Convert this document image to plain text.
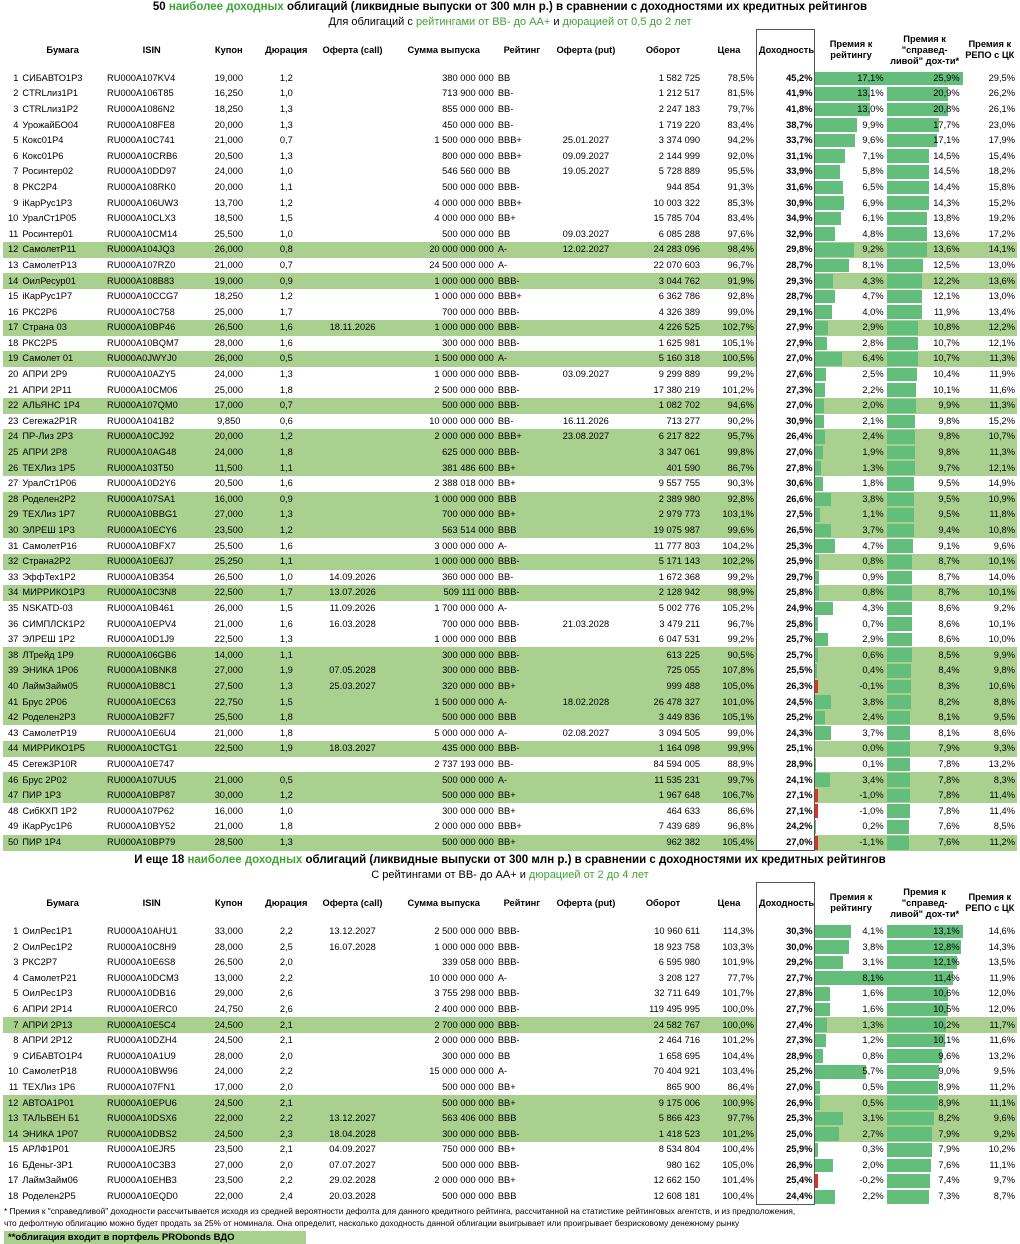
50 наиболее доходных облигаций (ликвидные выпуски от 300 млн р.) в сравнении с доходностями их кредитных рейтингов
Для облигаций с рейтингами от BB- до AA+ и дюрацией от 0,5 до 2 лет
	Бумага	ISIN	Купон	Дюрация	Оферта (call)	Сумма выпуска	Рейтинг	Оферта (put)	Оборот	Цена	Доходность	Премия к рейтингу	Премия к "справед-ливой" дох-ти*	Премия к РЕПО с ЦК
1	СИБАВТО1Р3	RU000A107KV4	19,000	1,2		380 000 000	BB		1 582 725	78,5%	45,2%	17,1%	25,9%	29,5%
2	CTRLлиз1Р1	RU000A106T85	16,250	1,0		713 900 000	BB-		1 212 517	81,5%	41,9%	13,1%	20,9%	26,2%
3	CTRLлиз1Р2	RU000A1086N2	18,250	1,3		855 000 000	BB-		2 247 183	79,7%	41,8%	13,0%	20,8%	26,1%
4	УрожайБО04	RU000A108FE8	20,000	1,3		450 000 000	BB-		1 719 220	83,4%	38,7%	9,9%	17,7%	23,0%
5	Кокс01Р4	RU000A10C741	21,000	0,7		1 500 000 000	BBB+	25.01.2027	3 374 090	94,2%	33,7%	9,6%	17,1%	17,9%
6	Кокс01Р6	RU000A10CRB6	20,500	1,3		800 000 000	BBB+	09.09.2027	2 144 999	92,0%	31,1%	7,1%	14,5%	15,4%
7	Росинтер02	RU000A10DD97	24,000	1,0		546 560 000	BB	19.05.2027	5 728 889	95,5%	33,9%	5,8%	14,5%	18,2%
8	РКС2Р4	RU000A108RK0	20,000	1,1		500 000 000	BBB-		944 854	91,3%	31,6%	6,5%	14,4%	15,8%
9	iКарРус1Р3	RU000A106UW3	13,700	1,2		4 000 000 000	BBB+		10 003 322	85,3%	30,9%	6,9%	14,3%	15,2%
10	УралСт1Р05	RU000A10CLX3	18,500	1,5		4 000 000 000	BB+		15 785 704	83,4%	34,9%	6,1%	13,8%	19,2%
11	Росинтер01	RU000A10CM14	25,500	1,0		500 000 000	BB	09.03.2027	6 085 288	97,6%	32,9%	4,8%	13,6%	17,2%
12	СамолетР11	RU000A104JQ3	26,000	0,8		20 000 000 000	A-	12.02.2027	24 283 096	98,4%	29,8%	9,2%	13,6%	14,1%
13	СамолетР13	RU000A107RZ0	21,000	0,7		24 500 000 000	A-		22 070 603	96,7%	28,7%	8,1%	12,5%	13,0%
14	ОилРесур01	RU000A108B83	19,000	0,9		1 000 000 000	BBB-		3 044 762	91,9%	29,3%	4,3%	12,2%	13,6%
15	iКарРус1Р7	RU000A10CCG7	18,250	1,2		1 000 000 000	BBB+		6 362 786	92,8%	28,7%	4,7%	12,1%	13,0%
16	РКС2Р6	RU000A10C758	25,000	1,7		700 000 000	BBB-		4 326 389	99,0%	29,1%	4,0%	11,9%	13,4%
17	Страна 03	RU000A10BP46	26,500	1,6	18.11.2026	1 000 000 000	BBB-		4 226 525	102,7%	27,9%	2,9%	10,8%	12,2%
18	РКС2Р5	RU000A10BQM7	28,000	1,6		300 000 000	BBB-		1 625 981	105,1%	27,9%	2,8%	10,7%	12,1%
19	Самолет 01	RU000A0JWYJ0	26,000	0,5		1 500 000 000	A-		5 160 318	100,5%	27,0%	6,4%	10,7%	11,3%
20	АПРИ 2Р9	RU000A10AZY5	24,000	1,3		1 000 000 000	BBB-	03.09.2027	9 299 889	99,2%	27,6%	2,5%	10,4%	11,9%
21	АПРИ 2Р11	RU000A10CM06	25,000	1,8		2 500 000 000	BBB-		17 380 219	101,2%	27,3%	2,2%	10,1%	11,6%
22	АЛЬЯНС 1Р4	RU000A107QM0	17,000	0,7		500 000 000	BBB-		1 082 702	94,6%	27,0%	2,0%	9,9%	11,3%
23	Сегежа2Р1R	RU000A1041B2	9,850	0,6		10 000 000 000	BB-	16.11.2026	713 277	90,2%	30,9%	2,1%	9,8%	15,2%
24	ПР-Лиз 2Р3	RU000A10CJ92	20,000	1,2		2 000 000 000	BBB+	23.08.2027	6 217 822	95,7%	26,4%	2,4%	9,8%	10,7%
25	АПРИ 2Р8	RU000A10AG48	24,000	1,8		625 000 000	BBB-		3 347 061	99,8%	27,0%	1,9%	9,8%	11,3%
26	ТЕХЛиз 1Р5	RU000A103T50	11,500	1,1		381 486 600	BB+		401 590	86,7%	27,8%	1,3%	9,7%	12,1%
27	УралСт1Р06	RU000A10D2Y6	20,500	1,6		2 388 018 000	BB+		9 557 755	90,3%	30,6%	1,8%	9,5%	14,9%
28	Роделен2Р2	RU000A107SA1	16,000	0,9		1 000 000 000	BBB		2 389 980	92,8%	26,6%	3,8%	9,5%	10,9%
29	ТЕХЛиз 1Р7	RU000A10BBG1	27,000	1,3		700 000 000	BB+		2 979 773	103,1%	27,5%	1,1%	9,5%	11,8%
30	ЭЛРЕШ 1Р3	RU000A10ECY6	23,500	1,2		563 514 000	BBB		19 075 987	99,6%	26,5%	3,7%	9,4%	10,8%
31	СамолетР16	RU000A10BFX7	25,500	1,6		3 000 000 000	A-		11 777 803	104,2%	25,3%	4,7%	9,1%	9,6%
32	Страна2Р2	RU000A10E6J7	25,250	1,1		1 000 000 000	BBB-		5 171 143	102,2%	25,9%	0,8%	8,7%	10,1%
33	ЭффТех1Р2	RU000A10B354	26,500	1,0	14.09.2026	360 000 000	BB-		1 672 368	99,2%	29,7%	0,9%	8,7%	14,0%
34	МИРРИКО1Р3	RU000A10C3N8	22,500	1,7	13.07.2026	509 111 000	BBB-		2 128 942	98,9%	25,8%	0,8%	8,7%	10,1%
35	NSKATD-03	RU000A10B461	26,000	1,5	11.09.2026	1 700 000 000	A-		5 002 776	105,2%	24,9%	4,3%	8,6%	9,2%
36	СИМПЛСК1Р2	RU000A10EPV4	21,000	1,6	16.03.2028	700 000 000	BBB-	21.03.2028	3 479 211	96,7%	25,8%	0,7%	8,6%	10,1%
37	ЭЛРЕШ 1Р2	RU000A10D1J9	22,500	1,3		1 000 000 000	BBB		6 047 531	99,2%	25,7%	2,9%	8,6%	10,0%
38	ЛТрейд 1Р9	RU000A106GB6	14,000	1,1		300 000 000	BBB-		613 225	90,5%	25,7%	0,6%	8,5%	9,9%
39	ЭНИКА 1Р06	RU000A10BNK8	27,000	1,9	07.05.2028	300 000 000	BBB-		725 055	107,8%	25,5%	0,4%	8,4%	9,8%
40	ЛаймЗайм05	RU000A10B8C1	27,500	1,3	25.03.2027	320 000 000	BB+		999 488	105,0%	26,3%	-0,1%	8,3%	10,6%
41	Брус 2Р06	RU000A10EC63	22,750	1,5		1 500 000 000	A-	18.02.2028	26 478 327	101,0%	24,5%	3,8%	8,2%	8,8%
42	Роделен2Р3	RU000A10B2F7	25,500	1,8		500 000 000	BBB		3 449 836	105,1%	25,2%	2,4%	8,1%	9,5%
43	СамолетР19	RU000A10E6U4	21,000	1,8		5 000 000 000	A-	02.08.2027	3 094 505	99,0%	24,3%	3,7%	8,1%	8,6%
44	МИРРИКО1Р5	RU000A10CTG1	22,500	1,9	18.03.2027	435 000 000	BBB-		1 164 098	99,9%	25,1%	0,0%	7,9%	9,3%
45	Сегеж3Р10R	RU000A10E747				2 737 193 000	BB-		84 594 005	88,9%	28,9%	0,1%	7,8%	13,2%
46	Брус 2Р02	RU000A107UU5	21,000	0,5		500 000 000	A-		11 535 231	99,7%	24,1%	3,4%	7,8%	8,3%
47	ПИР 1Р3	RU000A10BP87	30,000	1,2		500 000 000	BB+		1 967 648	106,7%	27,1%	-1,0%	7,8%	11,4%
48	СибКХП 1Р2	RU000A107P62	16,000	1,0		300 000 000	BB+		464 633	86,6%	27,1%	-1,0%	7,8%	11,4%
49	iКарРус1Р6	RU000A10BY52	21,000	1,8		2 000 000 000	BBB+		7 439 689	96,8%	24,2%	0,2%	7,6%	8,5%
50	ПИР 1Р4	RU000A10BP79	28,500	1,3		500 000 000	BB+		962 382	105,4%	27,0%	-1,1%	7,6%	11,2%
И еще 18 наиболее доходных облигаций (ликвидные выпуски от 300 млн р.) в сравнении с доходностями их кредитных рейтингов
С рейтингами от BB- до AA+ и дюрацией от 2 до 4 лет
	Бумага	ISIN	Купон	Дюрация	Оферта (call)	Сумма выпуска	Рейтинг	Оферта (put)	Оборот	Цена	Доходность	Премия к рейтингу	Премия к "справед-ливой" дох-ти*	Премия к РЕПО с ЦК
1	ОилРес1Р1	RU000A10AHU1	33,000	2,2	13.12.2027	2 500 000 000	BBB-		10 960 611	114,3%	30,3%	4,1%	13,1%	14,6%
2	ОилРес1Р2	RU000A10C8H9	28,000	2,5	16.07.2028	1 000 000 000	BBB-		18 923 758	103,3%	30,0%	3,8%	12,8%	14,3%
3	РКС2Р7	RU000A10E6S8	26,500	2,0		339 058 000	BBB-		6 595 980	101,9%	29,2%	3,1%	12,1%	13,5%
4	СамолетР21	RU000A10DCM3	13,000	2,2		10 000 000 000	A-		3 208 127	77,7%	27,7%	8,1%	11,4%	11,9%
5	ОилРес1Р3	RU000A10DB16	29,000	2,6		3 755 298 000	BBB-		32 711 649	101,7%	27,8%	1,6%	10,6%	12,0%
6	АПРИ 2Р14	RU000A10ERC0	24,750	2,6		2 400 000 000	BBB-		119 495 995	100,0%	27,7%	1,6%	10,5%	12,0%
7	АПРИ 2Р13	RU000A10E5C4	24,500	2,1		2 700 000 000	BBB-		24 582 767	100,0%	27,4%	1,3%	10,2%	11,7%
8	АПРИ 2Р12	RU000A10DZH4	24,500	2,1		2 000 000 000	BBB-		2 464 716	101,2%	27,3%	1,2%	10,1%	11,6%
9	СИБАВТО1Р4	RU000A10A1U9	28,000	2,0		300 000 000	BB		1 658 695	104,4%	28,9%	0,8%	9,6%	13,2%
10	СамолетР18	RU000A10BW96	24,000	2,2		15 000 000 000	A-		70 404 921	103,4%	25,2%	5,7%	9,0%	9,5%
11	ТЕХЛиз 1Р6	RU000A107FN1	17,000	2,0		500 000 000	BB+		865 900	86,4%	27,0%	0,5%	8,9%	11,2%
12	АВТОА1Р01	RU000A10EPU6	24,500	2,1		500 000 000	BB+		9 175 006	100,9%	26,9%	0,5%	8,9%	11,1%
13	ТАЛЬВЕН Б1	RU000A10DSX6	22,000	2,2	13.12.2027	563 406 000	BBB		5 866 423	97,7%	25,3%	3,1%	8,2%	9,6%
14	ЭНИКА 1Р07	RU000A10DBS2	24,500	2,3	18.04.2028	300 000 000	BBB-		1 418 523	101,2%	25,0%	2,7%	7,9%	9,2%
15	АРЛФ1Р01	RU000A10EJR5	23,500	2,1	04.09.2027	750 000 000	BB+		8 534 804	100,4%	25,9%	0,3%	7,9%	10,2%
16	БДеньг-3Р1	RU000A10C3B3	27,000	2,0	07.07.2027	500 000 000	BBB-		980 162	105,0%	26,9%	2,0%	7,6%	11,1%
17	ЛаймЗайм06	RU000A10EHB3	23,500	2,2	29.02.2028	2 000 000 000	BB+		12 662 150	101,4%	25,4%	-0,2%	7,4%	9,7%
18	Роделен2Р5	RU000A10EQD0	22,000	2,4	20.03.2028	500 000 000	BBB		12 608 181	100,4%	24,4%	2,2%	7,3%	8,7%
* Премия к "справедливой" доходности рассчитывается исходя из средней вероятности дефолта для данного кредитного рейтинга, рассчитанной на статистике рейтинговых агентств, и из предположения,
что дефолтную облигацию можно будет продать за 25% от номинала. Она определит, насколько доходность данной облигации выигрывает или проигрывает безрисковому денежному рынку
**облигация входит в портфель PRObonds ВДО
